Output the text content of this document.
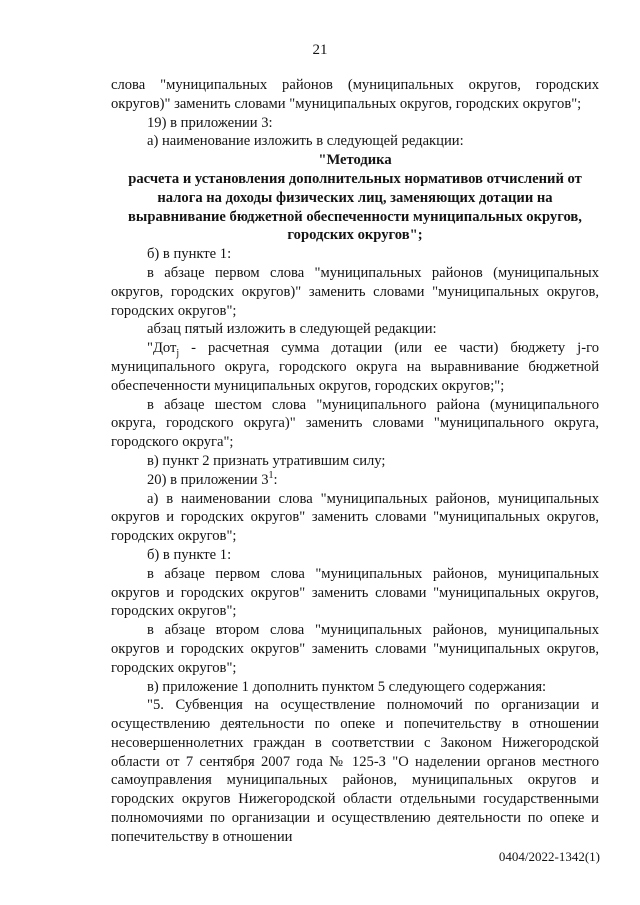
21

слова "муниципальных районов (муниципальных округов, городских округов)" заменить словами "муниципальных округов, городских округов";

19) в приложении 3:

а) наименование изложить в следующей редакции:

"Методика

расчета и установления дополнительных нормативов отчислений от налога на доходы физических лиц, заменяющих дотации на выравнивание бюджетной обеспеченности муниципальных округов, городских округов";

б) в пункте 1:

в абзаце первом слова "муниципальных районов (муниципальных округов, городских округов)" заменить словами "муниципальных округов, городских округов";

абзац пятый изложить в следующей редакции:

"Дот$_j$ - расчетная сумма дотации (или ее части) бюджету j-го муниципального округа, городского округа на выравнивание бюджетной обеспеченности муниципальных округов, городских округов;";

в абзаце шестом слова "муниципального района (муниципального округа, городского округа)" заменить словами "муниципального округа, городского округа";

в) пункт 2 признать утратившим силу;

20) в приложении $3^1$:

а) в наименовании слова "муниципальных районов, муниципальных округов и городских округов" заменить словами "муниципальных округов, городских округов";

б) в пункте 1:

в абзаце первом слова "муниципальных районов, муниципальных округов и городских округов" заменить словами "муниципальных округов, городских округов";

в абзаце втором слова "муниципальных районов, муниципальных округов и городских округов" заменить словами "муниципальных округов, городских округов";

в) приложение 1 дополнить пунктом 5 следующего содержания:

"5. Субвенция на осуществление полномочий по организации и осуществлению деятельности по опеке и попечительству в отношении несовершеннолетних граждан в соответствии с Законом Нижегородской области от 7 сентября 2007 года № 125-З "О наделении органов местного самоуправления муниципальных районов, муниципальных округов и городских округов Нижегородской области отдельными государственными полномочиями по организации и осуществлению деятельности по опеке и попечительству в отношении

0404/2022-1342(1)
